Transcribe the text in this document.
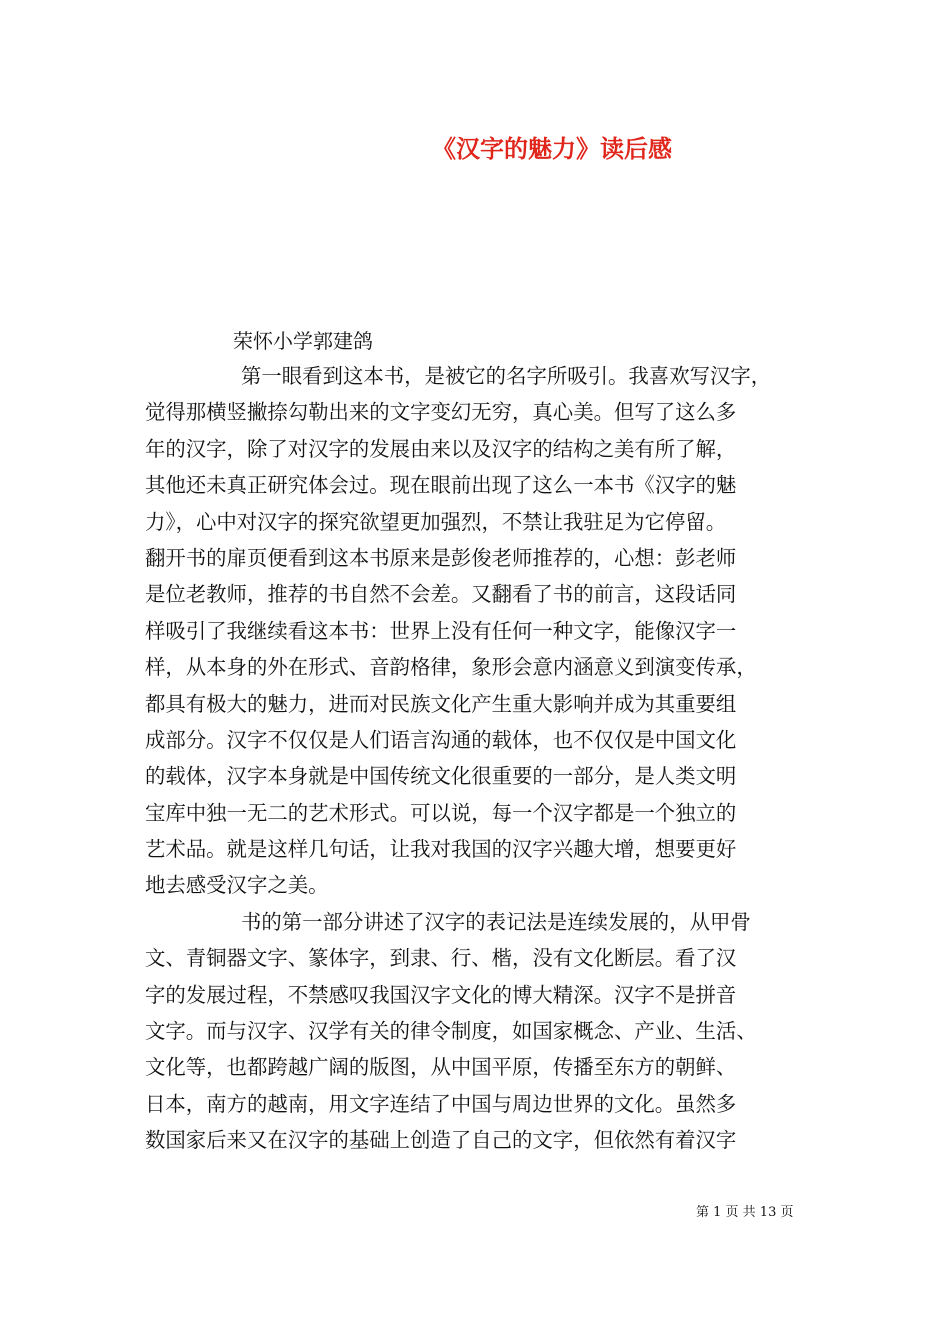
《汉字的魅力》读后感
荣怀小学郭建鸽
第一眼看到这本书，是被它的名字所吸引。我喜欢写汉字，
觉得那横竖撇捺勾勒出来的文字变幻无穷，真心美。但写了这么多
年的汉字，除了对汉字的发展由来以及汉字的结构之美有所了解，
其他还未真正研究体会过。现在眼前出现了这么一本书《汉字的魅
力》，心中对汉字的探究欲望更加强烈，不禁让我驻足为它停留。
翻开书的扉页便看到这本书原来是彭俊老师推荐的，心想：彭老师
是位老教师，推荐的书自然不会差。又翻看了书的前言，这段话同
样吸引了我继续看这本书：世界上没有任何一种文字，能像汉字一
样，从本身的外在形式、音韵格律，象形会意内涵意义到演变传承，
都具有极大的魅力，进而对民族文化产生重大影响并成为其重要组
成部分。汉字不仅仅是人们语言沟通的载体，也不仅仅是中国文化
的载体，汉字本身就是中国传统文化很重要的一部分，是人类文明
宝库中独一无二的艺术形式。可以说，每一个汉字都是一个独立的
艺术品。就是这样几句话，让我对我国的汉字兴趣大增，想要更好
地去感受汉字之美。
书的第一部分讲述了汉字的表记法是连续发展的，从甲骨
文、青铜器文字、篆体字，到隶、行、楷，没有文化断层。看了汉
字的发展过程，不禁感叹我国汉字文化的博大精深。汉字不是拼音
文字。而与汉字、汉学有关的律令制度，如国家概念、产业、生活、
文化等，也都跨越广阔的版图，从中国平原，传播至东方的朝鲜、
日本，南方的越南，用文字连结了中国与周边世界的文化。虽然多
数国家后来又在汉字的基础上创造了自己的文字，但依然有着汉字
第 1 页 共 13 页
